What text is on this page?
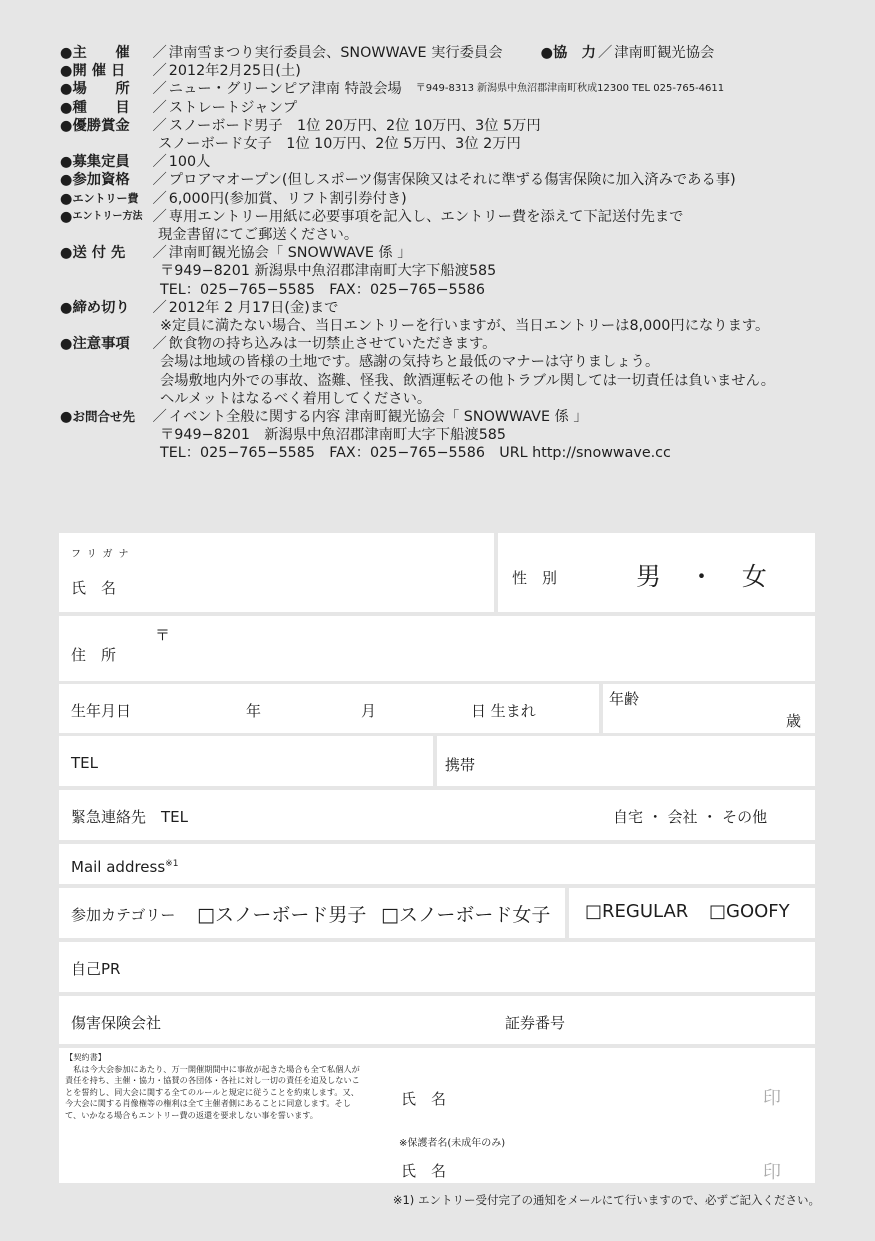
● 主　　催	／ 津南雪まつり実行委員会、SNOWWAVE 実行委員会	●協　力 ／ 津南町観光協会
● 開 催 日	／ 2012年2月25日(土)
● 場　　所	／ ニュー・グリーンピア津南 特設会場 〒949-8313 新潟県中魚沼郡津南町秋成12300 TEL 025-765-4611
● 種　　目	／ ストレートジャンプ
● 優勝賞金	／ スノーボード男子　1位 20万円、2位 10万円、3位 5万円
スノーボード女子　1位 10万円、2位 5万円、3位 2万円
● 募集定員	／ 100人
● 参加資格	／ プロアマオープン(但しスポーツ傷害保険又はそれに準ずる傷害保険に加入済みである事)
● エントリー費 ／ 6,000円(参加賞、リフト割引券付き)
● エントリー方法 ／ 専用エントリー用紙に必要事項を記入し、エントリー費を添えて下記送付先まで
現金書留にてご郵送ください。
● 送 付 先	／ 津南町観光協会「 SNOWWAVE 係 」
〒949−8201 新潟県中魚沼郡津南町大字下船渡585
TEL：025−765−5585　FAX：025−765−5586
● 締め切り	／ 2012年 2 月17日(金)まで
※定員に満たない場合、当日エントリーを行いますが、当日エントリーは8,000円になります。
● 注意事項	／ 飲食物の持ち込みは一切禁止させていただきます。
会場は地域の皆様の土地です。感謝の気持ちと最低のマナーは守りましょう。
会場敷地内外での事故、盗難、怪我、飲酒運転その他トラブル関しては一切責任は負いません。
ヘルメットはなるべく着用してください。
● お問合せ先	／ イベント全般に関する内容 津南町観光協会「 SNOWWAVE 係 」
〒949−8201　新潟県中魚沼郡津南町大字下船渡585
TEL：025−765−5585　FAX：025−765−5586　URL http://snowwave.cc
フリガナ
氏　名
性　別	男 ・ 女
〒
住　所
生年月日	年	月	日 生まれ
年齢
歳
TEL	携帯
緊急連絡先　TEL	自宅 ・ 会社 ・ その他
Mail address$^{※1}$
参加カテゴリー □スノーボード男子 □スノーボード女子 □REGULAR □GOOFY
自己PR
傷害保険会社	証券番号
【契約書】
　私は今大会参加にあたり、万一開催期間中に事故が起きた場合も全て私個人が責任を持ち、主催・協力・協賛の各団体・各社に対し一切の責任を追及しないことを誓約し、同大会に関する全てのルールと規定に従うことを約束します。又、今大会に関する肖像権等の権利は全て主催者側にあることに同意します。そして、いかなる場合もエントリー費の返還を要求しない事を誓います。
氏　名	印
※保護者名(未成年のみ)
氏　名	印
※1) エントリー受付完了の通知をメールにて行いますので、必ずご記入ください。
